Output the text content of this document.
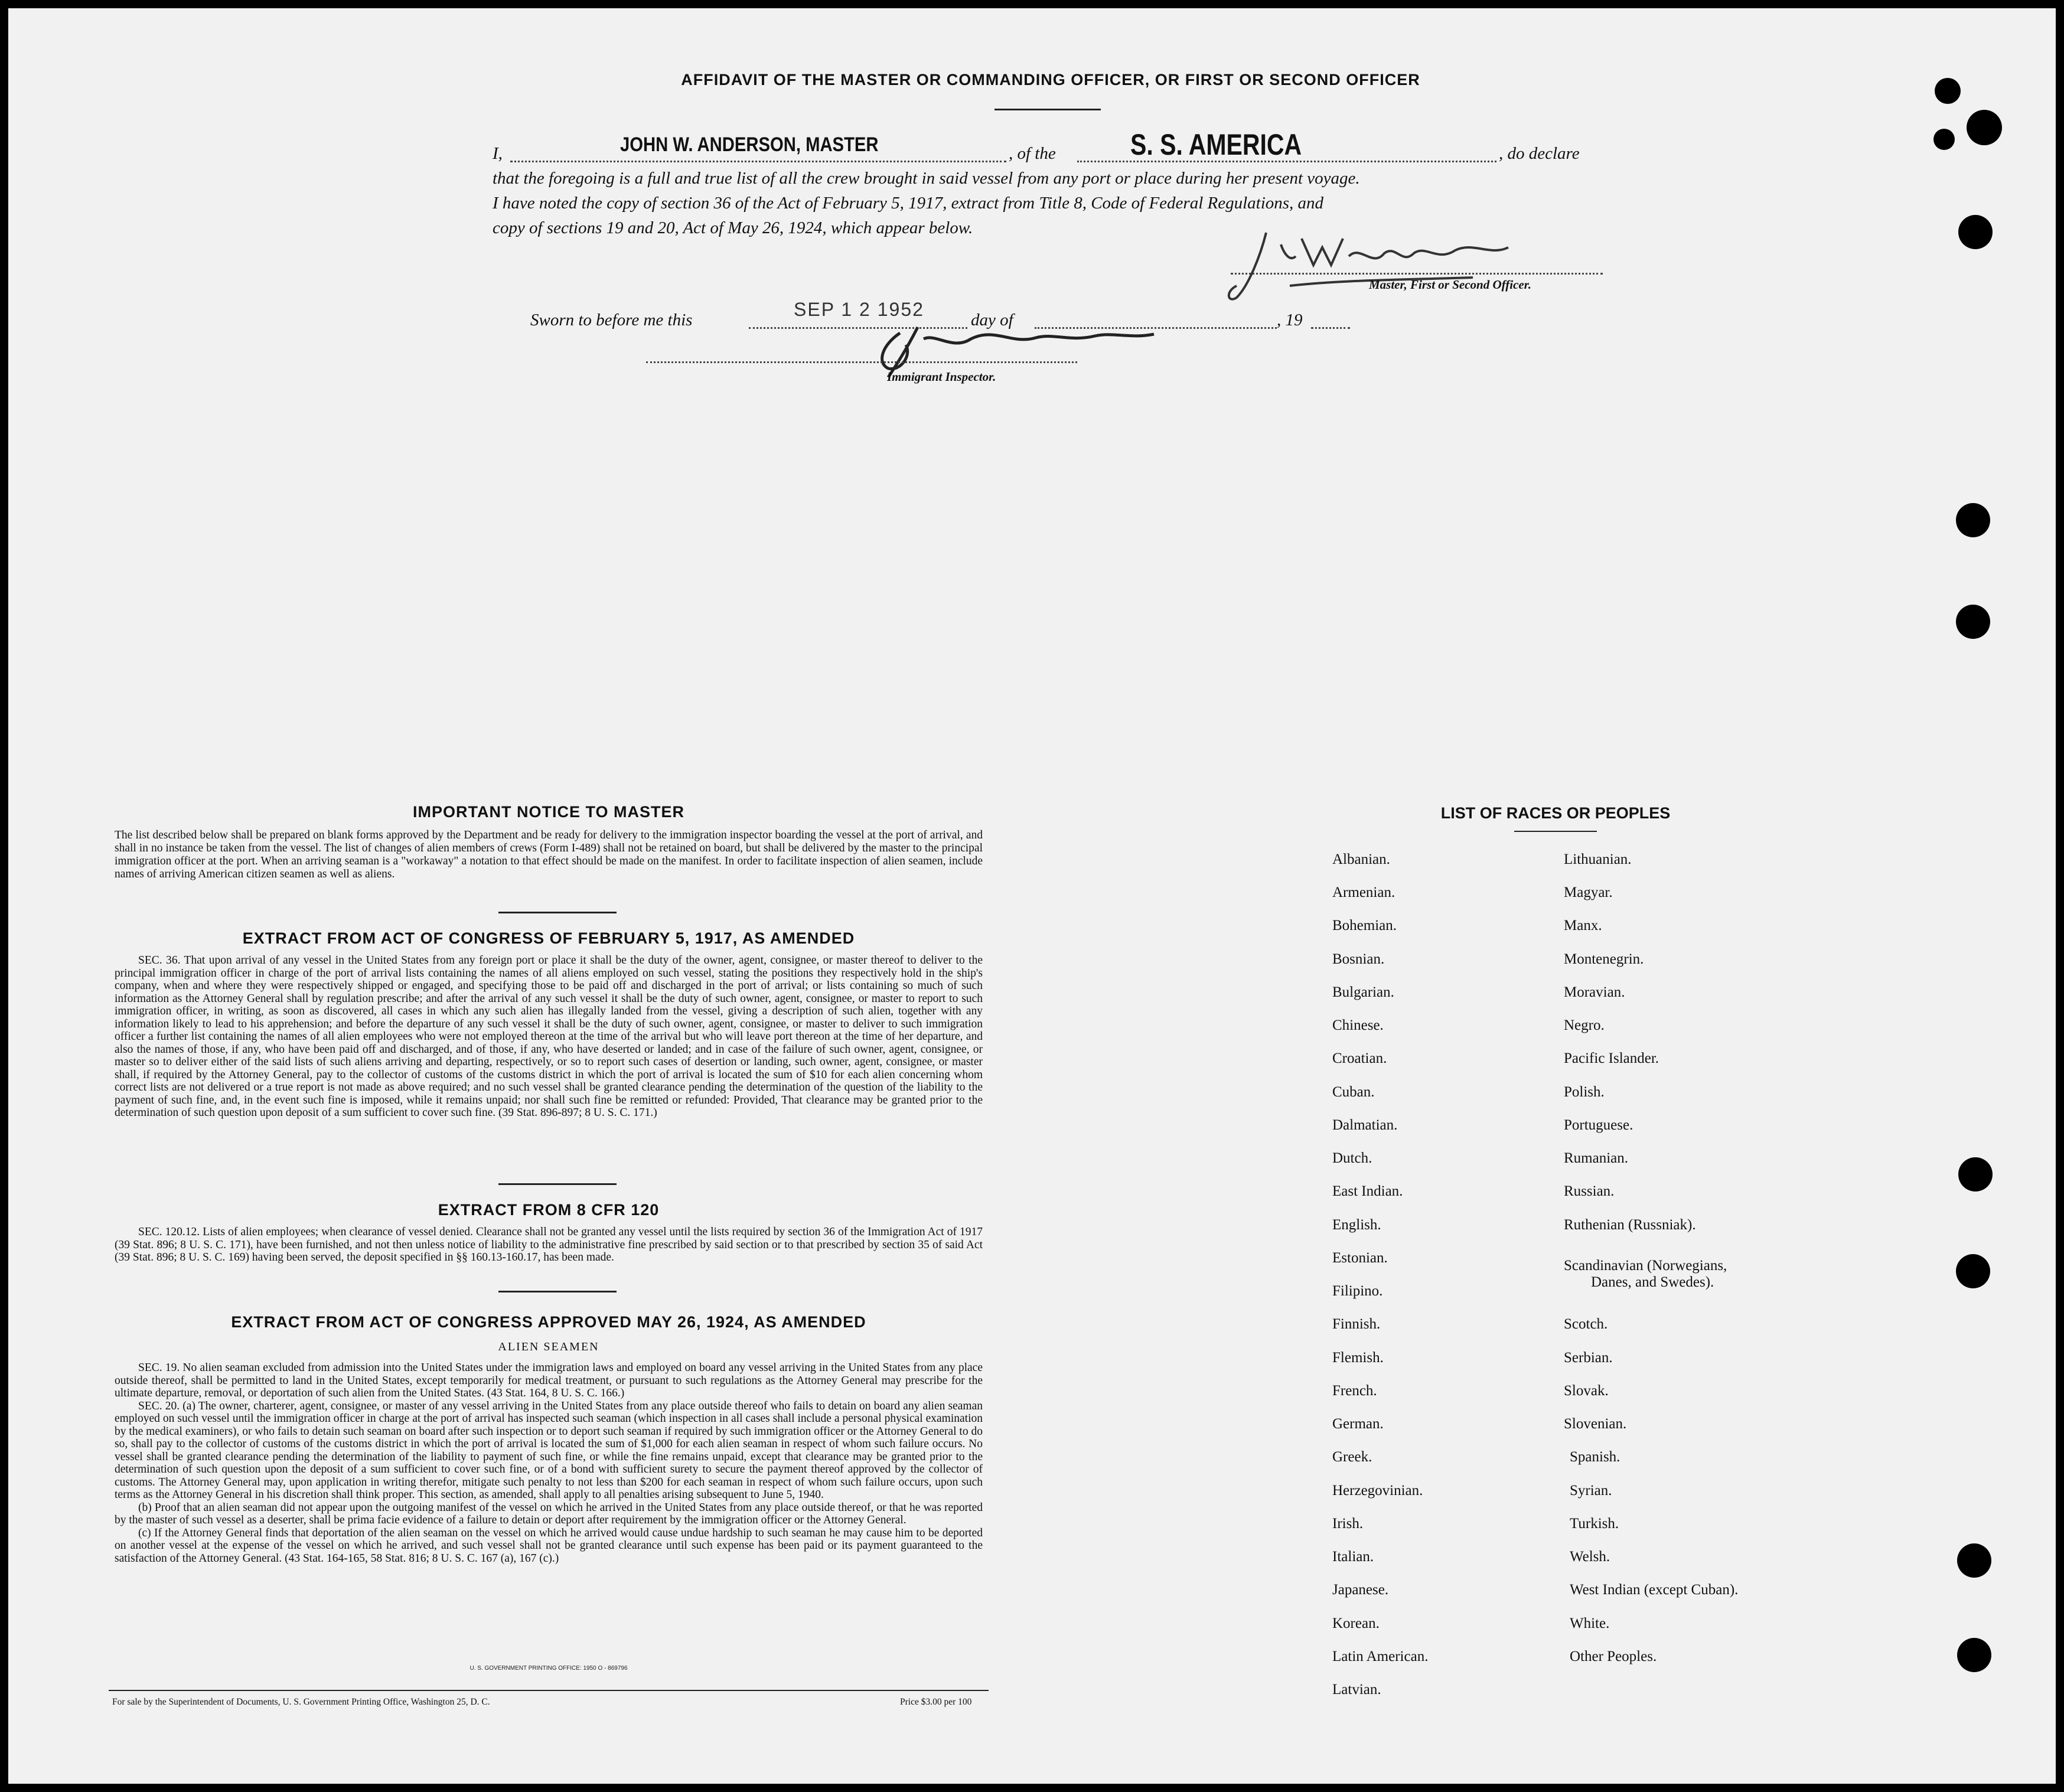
AFFIDAVIT OF THE MASTER OR COMMANDING OFFICER, OR FIRST OR SECOND OFFICER
I,	JOHN W. ANDERSON, MASTER	, of the	S. S. AMERICA	, do declare
that the foregoing is a full and true list of all the crew brought in said vessel from any port or place during her present voyage.
I have noted the copy of section 36 of the Act of February 5, 1917, extract from Title 8, Code of Federal Regulations, and
copy of sections 19 and 20, Act of May 26, 1924, which appear below.
Master, First or Second Officer.
Sworn to before me this	SEP 1 2 1952	day of	, 19
Immigrant Inspector.
IMPORTANT NOTICE TO MASTER
The list described below shall be prepared on blank forms approved by the Department and be ready for delivery to the immigration inspector boarding the vessel at the port of arrival, and shall in no instance be taken from the vessel. The list of changes of alien members of crews (Form I-489) shall not be retained on board, but shall be delivered by the master to the principal immigration officer at the port. When an arriving seaman is a "workaway" a notation to that effect should be made on the manifest. In order to facilitate inspection of alien seamen, include names of arriving American citizen seamen as well as aliens.
EXTRACT FROM ACT OF CONGRESS OF FEBRUARY 5, 1917, AS AMENDED
SEC. 36. That upon arrival of any vessel in the United States from any foreign port or place it shall be the duty of the owner, agent, consignee, or master thereof to deliver to the principal immigration officer in charge of the port of arrival lists containing the names of all aliens employed on such vessel, stating the positions they respectively hold in the ship's company, when and where they were respectively shipped or engaged, and specifying those to be paid off and discharged in the port of arrival; or lists containing so much of such information as the Attorney General shall by regulation prescribe; and after the arrival of any such vessel it shall be the duty of such owner, agent, consignee, or master to report to such immigration officer, in writing, as soon as discovered, all cases in which any such alien has illegally landed from the vessel, giving a description of such alien, together with any information likely to lead to his apprehension; and before the departure of any such vessel it shall be the duty of such owner, agent, consignee, or master to deliver to such immigration officer a further list containing the names of all alien employees who were not employed thereon at the time of the arrival but who will leave port thereon at the time of her departure, and also the names of those, if any, who have been paid off and discharged, and of those, if any, who have deserted or landed; and in case of the failure of such owner, agent, consignee, or master so to deliver either of the said lists of such aliens arriving and departing, respectively, or so to report such cases of desertion or landing, such owner, agent, consignee, or master shall, if required by the Attorney General, pay to the collector of customs of the customs district in which the port of arrival is located the sum of $10 for each alien concerning whom correct lists are not delivered or a true report is not made as above required; and no such vessel shall be granted clearance pending the determination of the question of the liability to the payment of such fine, and, in the event such fine is imposed, while it remains unpaid; nor shall such fine be remitted or refunded: Provided, That clearance may be granted prior to the determination of such question upon deposit of a sum sufficient to cover such fine. (39 Stat. 896-897; 8 U. S. C. 171.)
EXTRACT FROM 8 CFR 120
SEC. 120.12. Lists of alien employees; when clearance of vessel denied. Clearance shall not be granted any vessel until the lists required by section 36 of the Immigration Act of 1917 (39 Stat. 896; 8 U. S. C. 171), have been furnished, and not then unless notice of liability to the administrative fine prescribed by said section or to that prescribed by section 35 of said Act (39 Stat. 896; 8 U. S. C. 169) having been served, the deposit specified in §§ 160.13-160.17, has been made.
EXTRACT FROM ACT OF CONGRESS APPROVED MAY 26, 1924, AS AMENDED
ALIEN SEAMEN
SEC. 19. No alien seaman excluded from admission into the United States under the immigration laws and employed on board any vessel arriving in the United States from any place outside thereof, shall be permitted to land in the United States, except temporarily for medical treatment, or pursuant to such regulations as the Attorney General may prescribe for the ultimate departure, removal, or deportation of such alien from the United States. (43 Stat. 164, 8 U. S. C. 166.)
SEC. 20. (a) The owner, charterer, agent, consignee, or master of any vessel arriving in the United States from any place outside thereof who fails to detain on board any alien seaman employed on such vessel until the immigration officer in charge at the port of arrival has inspected such seaman (which inspection in all cases shall include a personal physical examination by the medical examiners), or who fails to detain such seaman on board after such inspection or to deport such seaman if required by such immigration officer or the Attorney General to do so, shall pay to the collector of customs of the customs district in which the port of arrival is located the sum of $1,000 for each alien seaman in respect of whom such failure occurs. No vessel shall be granted clearance pending the determination of the liability to payment of such fine, or while the fine remains unpaid, except that clearance may be granted prior to the determination of such question upon the deposit of a sum sufficient to cover such fine, or of a bond with sufficient surety to secure the payment thereof approved by the collector of customs. The Attorney General may, upon application in writing therefor, mitigate such penalty to not less than $200 for each seaman in respect of whom such failure occurs, upon such terms as the Attorney General in his discretion shall think proper. This section, as amended, shall apply to all penalties arising subsequent to June 5, 1940.
(b) Proof that an alien seaman did not appear upon the outgoing manifest of the vessel on which he arrived in the United States from any place outside thereof, or that he was reported by the master of such vessel as a deserter, shall be prima facie evidence of a failure to detain or deport after requirement by the immigration officer or the Attorney General.
(c) If the Attorney General finds that deportation of the alien seaman on the vessel on which he arrived would cause undue hardship to such seaman he may cause him to be deported on another vessel at the expense of the vessel on which he arrived, and such vessel shall not be granted clearance until such expense has been paid or its payment guaranteed to the satisfaction of the Attorney General. (43 Stat. 164-165, 58 Stat. 816; 8 U. S. C. 167 (a), 167 (c).)
U. S. GOVERNMENT PRINTING OFFICE: 1950 O - 869796
For sale by the Superintendent of Documents, U. S. Government Printing Office, Washington 25, D. C.	Price $3.00 per 100
LIST OF RACES OR PEOPLES
Albanian.
Armenian.
Bohemian.
Bosnian.
Bulgarian.
Chinese.
Croatian.
Cuban.
Dalmatian.
Dutch.
East Indian.
English.
Estonian.
Filipino.
Finnish.
Flemish.
French.
German.
Greek.
Herzegovinian.
Irish.
Italian.
Japanese.
Korean.
Latin American.
Latvian.
Lithuanian.
Magyar.
Manx.
Montenegrin.
Moravian.
Negro.
Pacific Islander.
Polish.
Portuguese.
Rumanian.
Russian.
Ruthenian (Russniak).
Scandinavian (Norwegians,
Danes, and Swedes).
Scotch.
Serbian.
Slovak.
Slovenian.
Spanish.
Syrian.
Turkish.
Welsh.
West Indian (except Cuban).
White.
Other Peoples.
